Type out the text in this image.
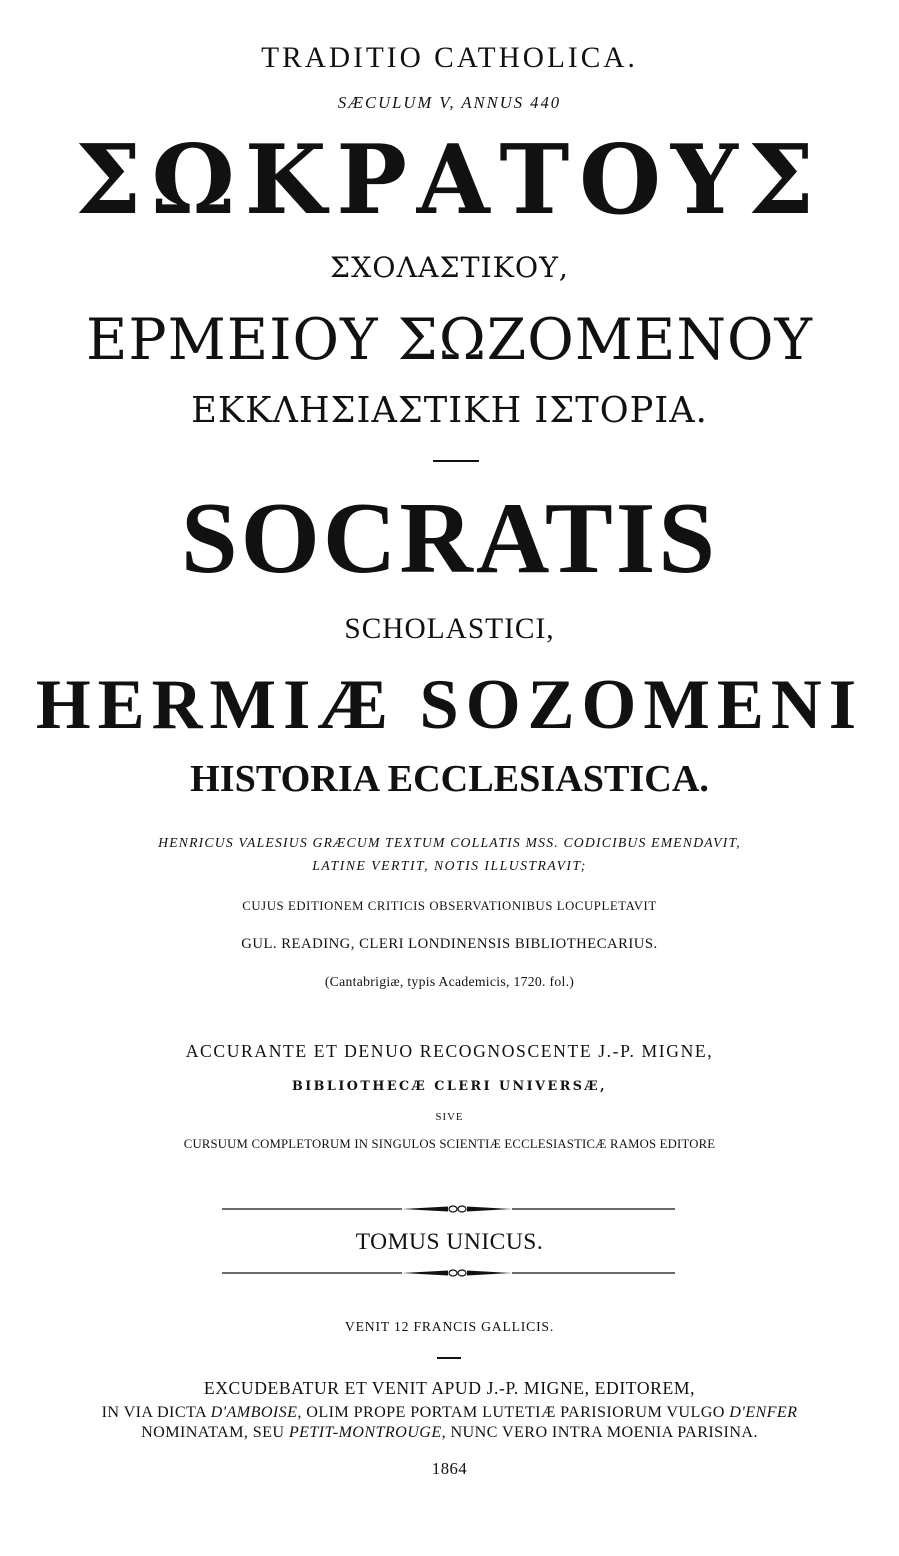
TRADITIO CATHOLICA.
SÆCULUM V, ANNUS 440
ΣΩΚΡΑΤΟΥΣ
ΣΧΟΛΑΣΤΙΚΟΥ,
ΕΡΜΕΙΟΥ ΣΩΖΟΜΕΝΟΥ
ΕΚΚΛΗΣΙΑΣΤΙΚΗ ΙΣΤΟΡΙΑ.
SOCRATIS
SCHOLASTICI,
HERMIÆ SOZOMENI
HISTORIA ECCLESIASTICA.
HENRICUS VALESIUS GRÆCUM TEXTUM COLLATIS MSS. CODICIBUS EMENDAVIT,
LATINE VERTIT, NOTIS ILLUSTRAVIT;
CUJUS EDITIONEM CRITICIS OBSERVATIONIBUS LOCUPLETAVIT
GUL. READING, CLERI LONDINENSIS BIBLIOTHECARIUS.
(Cantabrigiæ, typis Academicis, 1720. fol.)
ACCURANTE ET DENUO RECOGNOSCENTE J.-P. MIGNE,
BIBLIOTHECÆ CLERI UNIVERSÆ,
SIVE
CURSUUM COMPLETORUM IN SINGULOS SCIENTIÆ ECCLESIASTICÆ RAMOS EDITORE
TOMUS UNICUS.
VENIT 12 FRANCIS GALLICIS.
EXCUDEBATUR ET VENIT APUD J.-P. MIGNE, EDITOREM,
IN VIA DICTA D'AMBOISE, OLIM PROPE PORTAM LUTETIÆ PARISIORUM VULGO D'ENFER
NOMINATAM, SEU PETIT-MONTROUGE, NUNC VERO INTRA MOENIA PARISINA.
1864
